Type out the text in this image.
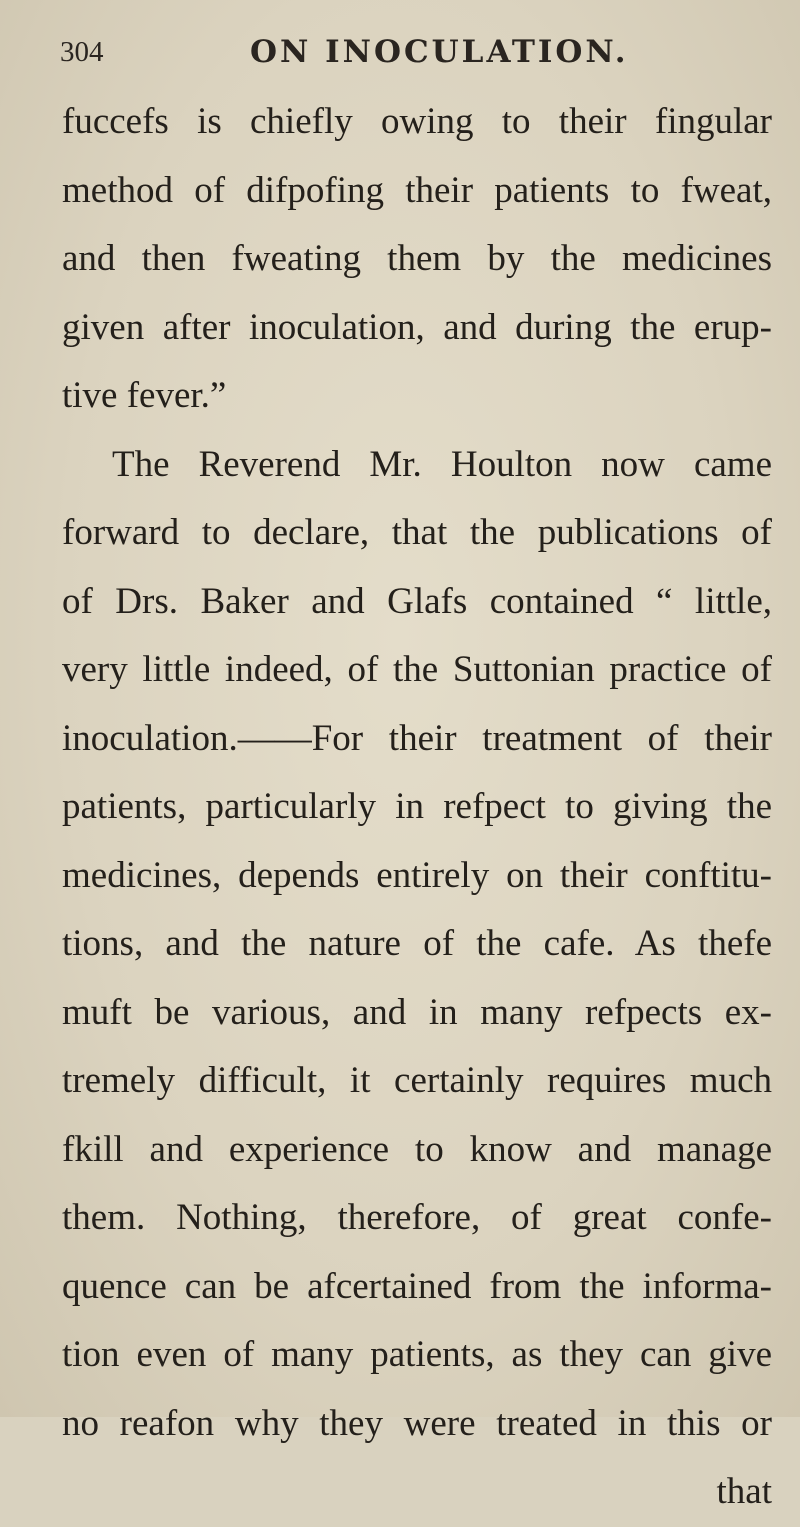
304	ON INOCULATION.
fuccefs is chiefly owing to their fingular
method of difpofing their patients to fweat,
and then fweating them by the medicines
given after inoculation, and during the erup-
tive fever.”
The Reverend Mr. Houlton now came
forward to declare, that the publications of
of Drs. Baker and Glafs contained “ little,
very little indeed, of the Suttonian practice of
inoculation.——For their treatment of their
patients, particularly in refpect to giving the
medicines, depends entirely on their conftitu-
tions, and the nature of the cafe. As thefe
muft be various, and in many refpects ex-
tremely difficult, it certainly requires much
fkill and experience to know and manage
them. Nothing, therefore, of great confe-
quence can be afcertained from the informa-
tion even of many patients, as they can give
no reafon why they were treated in this or
that
